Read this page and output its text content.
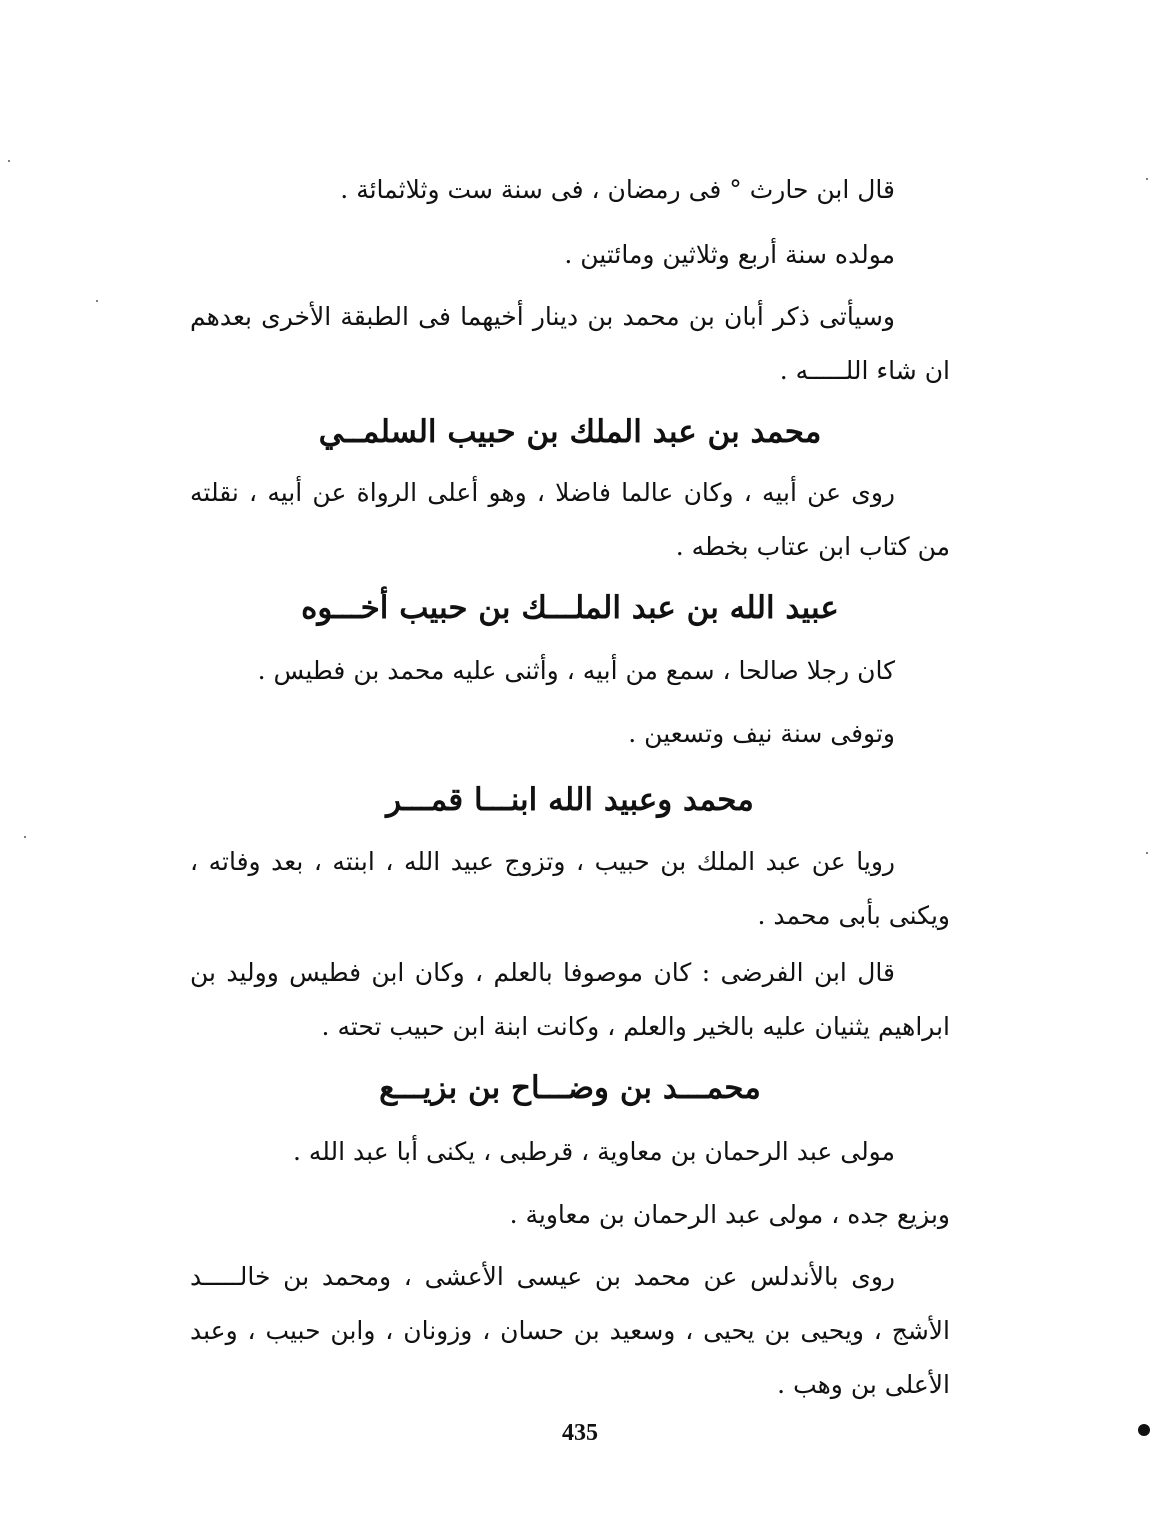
قال ابن حارث ° فى رمضان ، فى سنة ست وثلاثمائة .

مولده سنة أربع وثلاثين ومائتين .

وسيأتى ذكر أبان بن محمد بن دينار أخيهما فى الطبقة الأخرى بعدهم ان شاء اللـــــه .

محمد بن عبد الملك بن حبيب السلمــي

روى عن أبيه ، وكان عالما فاضلا ، وهو أعلى الرواة عن أبيه ، نقلته من كتاب ابن عتاب بخطه .

عبيد الله بن عبد الملـــك بن حبيب أخـــوه

كان رجلا صالحا ، سمع من أبيه ، وأثنى عليه محمد بن فطيس .

وتوفى سنة نيف وتسعين .

محمد وعبيد الله ابنـــا قمـــر

رويا عن عبد الملك بن حبيب ، وتزوج عبيد الله ، ابنته ، بعد وفاته ، ويكنى بأبى محمد .

قال ابن الفرضى : كان موصوفا بالعلم ، وكان ابن فطيس ووليد بن ابراهيم يثنيان عليه بالخير والعلم ، وكانت ابنة ابن حبيب تحته .

محمـــد بن وضـــاح بن بزيـــع

مولى عبد الرحمان بن معاوية ، قرطبى ، يكنى أبا عبد الله .

وبزيع جده ، مولى عبد الرحمان بن معاوية .

روى بالأندلس عن محمد بن عيسى الأعشى ، ومحمد بن خالـــــد الأشج ، ويحيى بن يحيى ، وسعيد بن حسان ، وزونان ، وابن حبيب ، وعبد الأعلى بن وهب .

435
